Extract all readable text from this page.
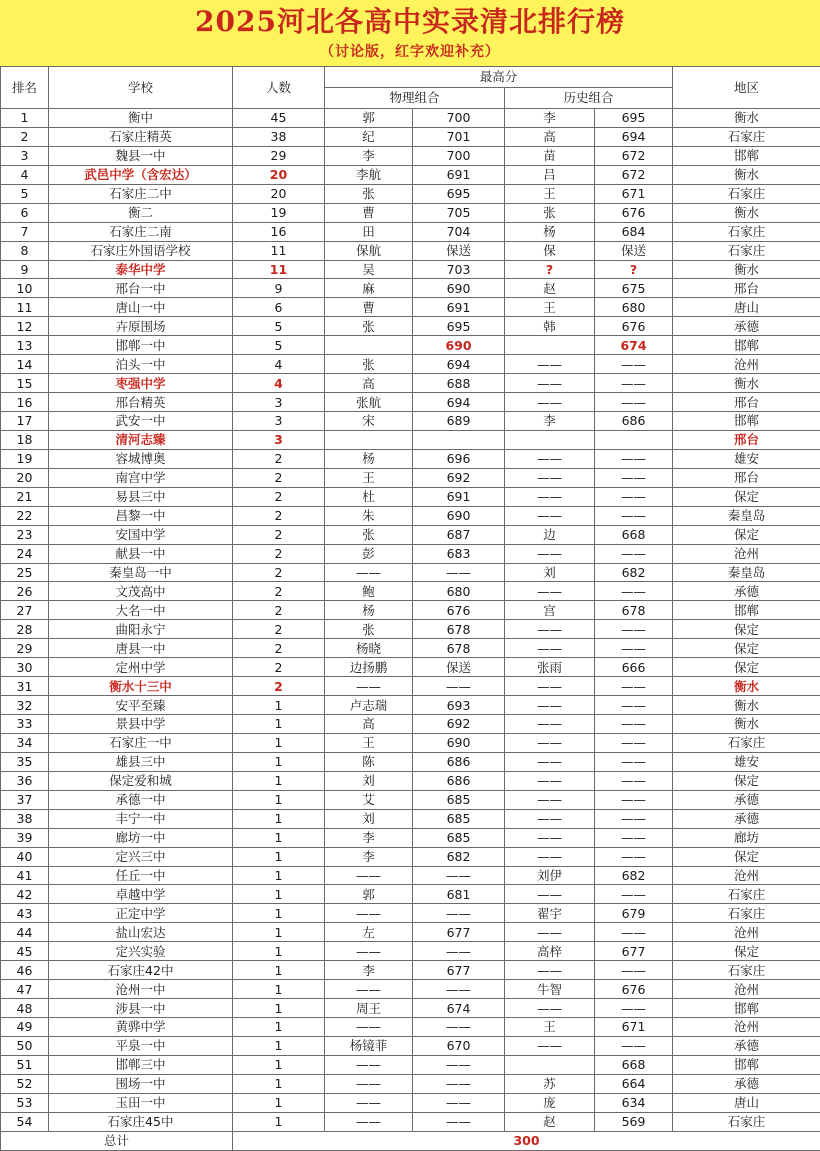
2025河北各高中实录清北排行榜
（讨论版，红字欢迎补充）
排名	学校	人数	最高分				地区
			物理组合		历史组合		
1	衡中	45	郭	700	李	695	衡水
2	石家庄精英	38	纪	701	高	694	石家庄
3	魏县一中	29	李	700	苗	672	邯郸
4	武邑中学（含宏达）	20	李航	691	吕	672	衡水
5	石家庄二中	20	张	695	王	671	石家庄
6	衡二	19	曹	705	张	676	衡水
7	石家庄二南	16	田	704	杨	684	石家庄
8	石家庄外国语学校	11	保航	保送	保	保送	石家庄
9	泰华中学	11	吴	703	?	?	衡水
10	邢台一中	9	麻	690	赵	675	邢台
11	唐山一中	6	曹	691	王	680	唐山
12	卉原围场	5	张	695	韩	676	承德
13	邯郸一中	5		690		674	邯郸
14	泊头一中	4	张	694	——	——	沧州
15	枣强中学	4	高	688	——	——	衡水
16	邢台精英	3	张航	694	——	——	邢台
17	武安一中	3	宋	689	李	686	邯郸
18	清河志臻	3					邢台
19	容城博奥	2	杨	696	——	——	雄安
20	南宫中学	2	王	692	——	——	邢台
21	易县三中	2	杜	691	——	——	保定
22	昌黎一中	2	朱	690	——	——	秦皇岛
23	安国中学	2	张	687	边	668	保定
24	献县一中	2	彭	683	——	——	沧州
25	秦皇岛一中	2	——	——	刘	682	秦皇岛
26	文茂高中	2	鲍	680	——	——	承德
27	大名一中	2	杨	676	宫	678	邯郸
28	曲阳永宁	2	张	678	——	——	保定
29	唐县一中	2	杨晓	678	——	——	保定
30	定州中学	2	边扬鹏	保送	张雨	666	保定
31	衡水十三中	2	——	——	——	——	衡水
32	安平至臻	1	卢志瑞	693	——	——	衡水
33	景县中学	1	高	692	——	——	衡水
34	石家庄一中	1	王	690	——	——	石家庄
35	雄县三中	1	陈	686	——	——	雄安
36	保定爱和城	1	刘	686	——	——	保定
37	承德一中	1	艾	685	——	——	承德
38	丰宁一中	1	刘	685	——	——	承德
39	廊坊一中	1	李	685	——	——	廊坊
40	定兴三中	1	李	682	——	——	保定
41	任丘一中	1	——	——	刘伊	682	沧州
42	卓越中学	1	郭	681	——	——	石家庄
43	正定中学	1	——	——	翟宇	679	石家庄
44	盐山宏达	1	左	677	——	——	沧州
45	定兴实验	1	——	——	高梓	677	保定
46	石家庄42中	1	李	677	——	——	石家庄
47	沧州一中	1	——	——	牛智	676	沧州
48	涉县一中	1	周王	674	——	——	邯郸
49	黄骅中学	1	——	——	王	671	沧州
50	平泉一中	1	杨镜菲	670	——	——	承德
51	邯郸三中	1	——	——		668	邯郸
52	围场一中	1	——	——	苏	664	承德
53	玉田一中	1	——	——	庞	634	唐山
54	石家庄45中	1	——	——	赵	569	石家庄
总计		300					
